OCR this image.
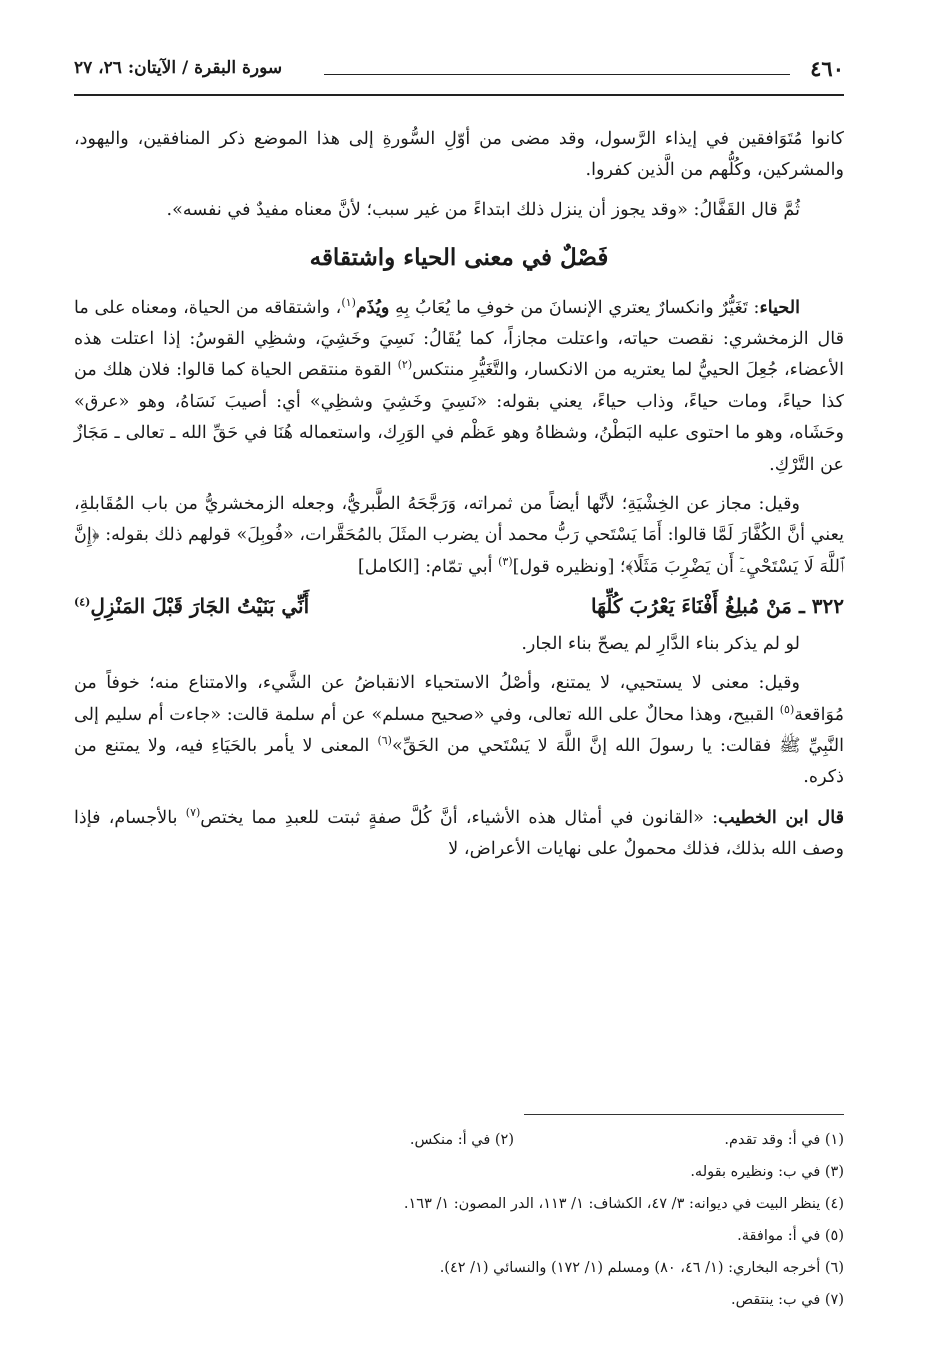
٤٦٠
سورة البقرة / الآيتان: ٢٦، ٢٧

كانوا مُتَوَافقين في إيذاء الرَّسول، وقد مضى من أوّلِ السُّورةِ إلى هذا الموضع ذكر المنافقين، واليهود، والمشركين، وكُلُّهم من الَّذين كفروا.

ثُمَّ قال القَفَّالُ: «وقد يجوز أن ينزل ذلك ابتداءً من غير سبب؛ لأنَّ معناه مفيدٌ في نفسه».

فَصْلٌ في معنى الحياء واشتقاقه

الحياء: تَغَيُّرٌ وانكسارٌ يعتري الإنسانَ من خوفِ ما يُعَابُ بِهِ ويُذَم$^{(١)}$، واشتقاقه من الحياة، ومعناه على ما قال الزمخشري: نقصت حياته، واعتلت مجازاً، كما يُقَالُ: نَسِيَ وخَشِيَ، وشظِي القوسُ: إذا اعتلت هذه الأعضاء، جُعِلَ الحييُّ لما يعتريه من الانكسار، والتَّغَيُّرِ منتكس$^{(٢)}$ القوة منتقص الحياة كما قالوا: فلان هلك من كذا حياءً، ومات حياءً، وذاب حياءً، يعني بقوله: «نَسِيَ وخَشِيَ وشظِي» أي: أصيبَ نَسَاهُ، وهو «عرق» وحَشَاه، وهو ما احتوى عليه البَطْنُ، وشظاهُ وهو عَظْم في الوَرِك، واستعماله هُنَا في حَقِّ الله ـ تعالى ـ مَجَازٌ عن التَّرْكِ.

وقيل: مجاز عن الخِشْيَةِ؛ لأنَّها أيضاً من ثمراته، وَرَجَّحَهُ الطَّبريُّ، وجعله الزمخشريُّ من باب المُقَابلةِ، يعني أنَّ الكُفَّارَ لَمَّا قالوا: أَمَا يَسْتَحي رَبُّ محمد أن يضرب المثَلَ بالمُحَقَّرات، «فُوبِلَ» قولهم ذلك بقوله: ﴿إِنَّ ٱللَّهَ لَا يَسْتَحْيِۦٓ أَن يَضْرِبَ مَثَلًا﴾؛ [ونظيره قول]$^{(٣)}$ أبي تمّام: [الكامل]

٣٢٢ ـ مَنْ مُبلِغُ أَفْنَاءَ يَعْرُبَ كُلِّهَا
أَنِّي بَنَيْتُ الجَارَ قَبْلَ المَنْزِلِ$^{(٤)}$

لو لم يذكر بناء الدَّارِ لم يصحّ بناء الجار.

وقيل: معنى لا يستحيي، لا يمتنع، وأصْلُ الاستحياء الانقباضُ عن الشَّيء، والامتناع منه؛ خوفاً من مُوَاقعة$^{(٥)}$ القبيح، وهذا محالٌ على الله تعالى، وفي «صحيح مسلم» عن أم سلمة قالت: «جاءت أم سليم إلى النَّبِيِّ ﷺ فقالت: يا رسولَ الله إنَّ اللَّهَ لا يَسْتَحي من الحَقِّ»$^{(٦)}$ المعنى لا يأمر بالحَيَاءِ فيه، ولا يمتنع من ذكره.

قال ابن الخطيب: «القانون في أمثال هذه الأشياء، أنَّ كُلَّ صفةٍ ثبتت للعبدِ مما يختص$^{(٧)}$ بالأجسام، فإذا وصف الله بذلك، فذلك محمولٌ على نهايات الأعراض، لا

(١) في أ: وقد تقدم.
(٢) في أ: منكس.
(٣) في ب: ونظيره بقوله.
(٤) ينظر البيت في ديوانه: ٣/ ٤٧، الكشاف: ١/ ١١٣، الدر المصون: ١/ ١٦٣.
(٥) في أ: موافقة.
(٦) أخرجه البخاري: (١/ ٤٦، ٨٠) ومسلم (١/ ١٧٢) والنسائي (١/ ٤٢).
(٧) في ب: ينتقص.
